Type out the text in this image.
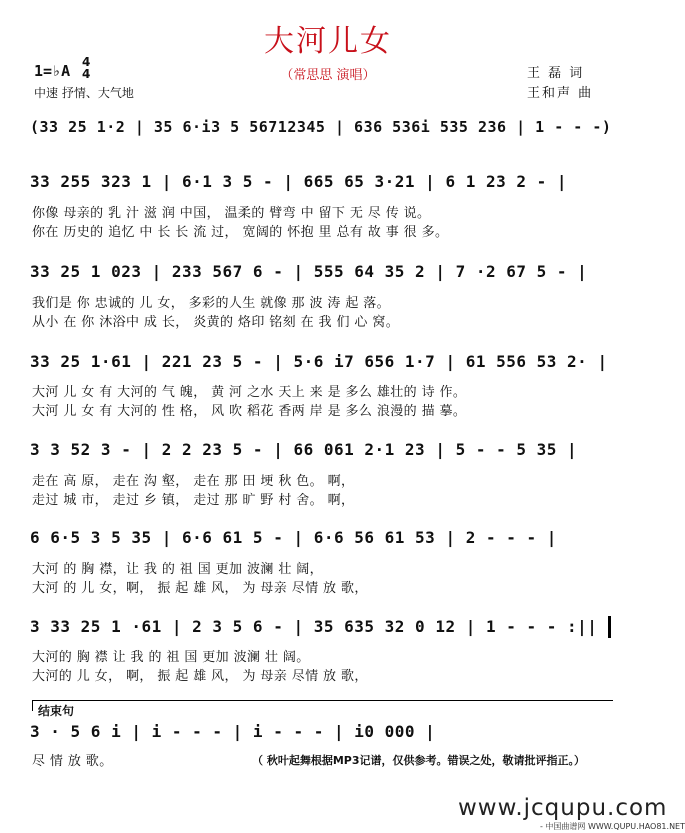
大河儿女
（常思思 演唱）
1=♭A 4
4
中速 抒情、大气地
王 磊 词
王和声 曲
(33 25 1·2 | 35 6·i3 5 56712345 | 636 536i 535 236 | 1 - - -)
33 255 323 1 | 6·1 3 5 - | 665 65 3·21 | 6 1 23 2 - |
你像 母亲的 乳 汁 滋 润 中国， 温柔的 臂弯 中 留下 无 尽 传 说。
你在 历史的 追忆 中 长 长 流 过， 宽阔的 怀抱 里 总有 故 事 很 多。
33 25 1 023 | 233 567 6 - | 555 64 35 2 | 7 ·2 67 5 - |
我们是 你 忠诚的 儿 女， 多彩的人生 就像 那 波 涛 起 落。
从小 在 你 沐浴中 成 长， 炎黄的 烙印 铭刻 在 我 们 心 窝。
33 25 1·61 | 221 23 5 - | 5·6 i7 656 1·7 | 61 556 53 2· |
大河 儿 女 有 大河的 气 魄， 黄 河 之水 天上 来 是 多么 雄壮的 诗 作。
大河 儿 女 有 大河的 性 格， 风 吹 稻花 香两 岸 是 多么 浪漫的 描 摹。
3 3 52 3 - | 2 2 23 5 - | 66 061 2·1 23 | 5 - - 5 35 |
走在 高 原， 走在 沟 壑， 走在 那 田 埂 秋 色。 啊，
走过 城 市， 走过 乡 镇， 走过 那 旷 野 村 舍。 啊，
6 6·5 3 5 35 | 6·6 61 5 - | 6·6 56 61 53 | 2 - - - |
大河 的 胸 襟，让 我 的 祖 国 更加 波澜 壮 阔，
大河 的 儿 女，啊， 振 起 雄 风， 为 母亲 尽情 放 歌，
3 33 25 1 ·61 | 2 3 5 6 - | 35 635 32 0 12 | 1 - - - :||
大河的 胸 襟 让 我 的 祖 国 更加 波澜 壮 阔。
大河的 儿 女， 啊， 振 起 雄 风， 为 母亲 尽情 放 歌，
结束句
3 · 5 6 i | i - - - | i - - - | i0 000 |
尽 情 放 歌。	（ 秋叶起舞根据MP3记谱，仅供参考。错误之处，敬请批评指正。）
www.jcqupu.com
- 中国曲谱网 WWW.QUPU.HAO81.NET
